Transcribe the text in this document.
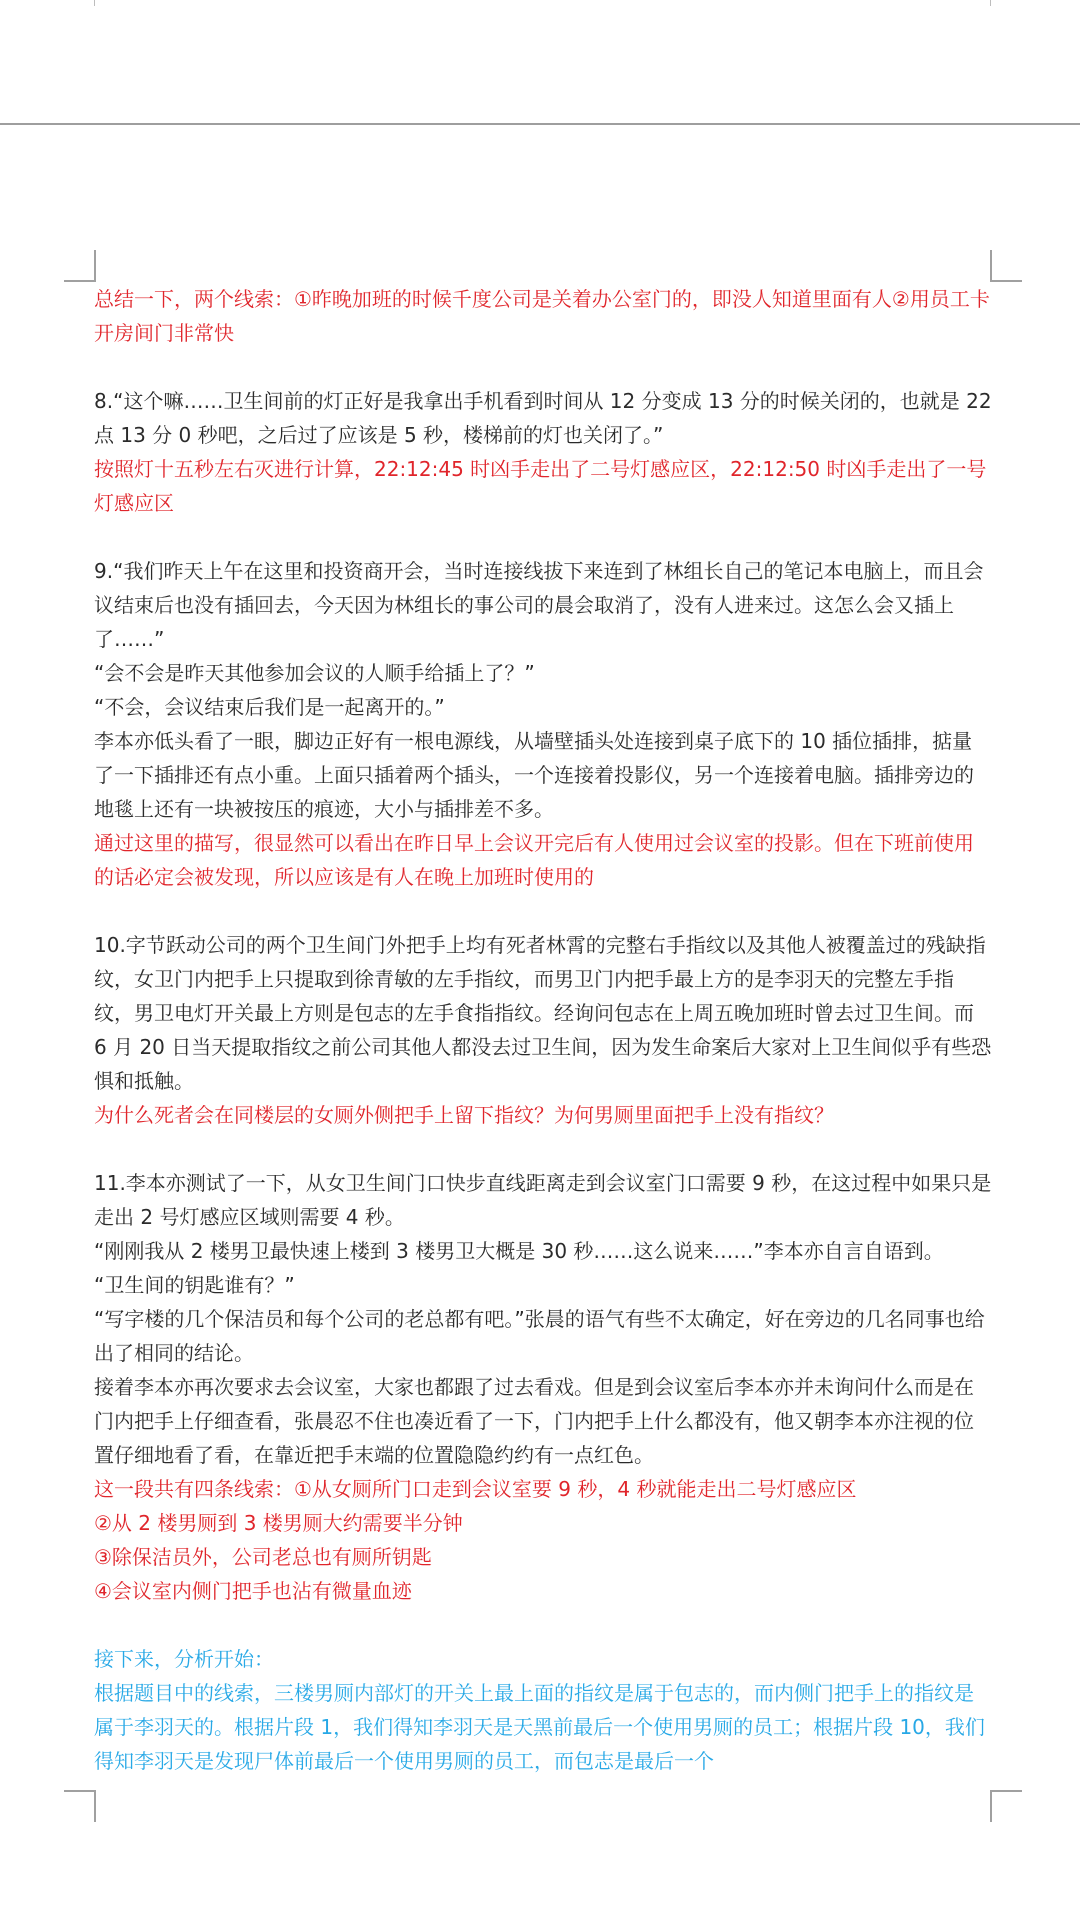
总结一下，两个线索：①昨晚加班的时候千度公司是关着办公室门的，即没人知道里面有人②用员工卡开房间门非常快

8.“这个嘛……卫生间前的灯正好是我拿出手机看到时间从 12 分变成 13 分的时候关闭的，也就是 22 点 13 分 0 秒吧，之后过了应该是 5 秒，楼梯前的灯也关闭了。”

按照灯十五秒左右灭进行计算，22:12:45 时凶手走出了二号灯感应区，22:12:50 时凶手走出了一号灯感应区

9.“我们昨天上午在这里和投资商开会，当时连接线拔下来连到了林组长自己的笔记本电脑上，而且会议结束后也没有插回去，今天因为林组长的事公司的晨会取消了，没有人进来过。这怎么会又插上了……”

“会不会是昨天其他参加会议的人顺手给插上了？”

“不会，会议结束后我们是一起离开的。”

李本亦低头看了一眼，脚边正好有一根电源线，从墙壁插头处连接到桌子底下的 10 插位插排，掂量了一下插排还有点小重。上面只插着两个插头，一个连接着投影仪，另一个连接着电脑。插排旁边的地毯上还有一块被按压的痕迹，大小与插排差不多。

通过这里的描写，很显然可以看出在昨日早上会议开完后有人使用过会议室的投影。但在下班前使用的话必定会被发现，所以应该是有人在晚上加班时使用的

10.字节跃动公司的两个卫生间门外把手上均有死者林霄的完整右手指纹以及其他人被覆盖过的残缺指纹，女卫门内把手上只提取到徐青敏的左手指纹，而男卫门内把手最上方的是李羽天的完整左手指纹，男卫电灯开关最上方则是包志的左手食指指纹。经询问包志在上周五晚加班时曾去过卫生间。而 6 月 20 日当天提取指纹之前公司其他人都没去过卫生间，因为发生命案后大家对上卫生间似乎有些恐惧和抵触。

为什么死者会在同楼层的女厕外侧把手上留下指纹？为何男厕里面把手上没有指纹？

11.李本亦测试了一下，从女卫生间门口快步直线距离走到会议室门口需要 9 秒，在这过程中如果只是走出 2 号灯感应区域则需要 4 秒。

“刚刚我从 2 楼男卫最快速上楼到 3 楼男卫大概是 30 秒……这么说来……”李本亦自言自语到。

“卫生间的钥匙谁有？”

“写字楼的几个保洁员和每个公司的老总都有吧。”张晨的语气有些不太确定，好在旁边的几名同事也给出了相同的结论。

接着李本亦再次要求去会议室，大家也都跟了过去看戏。但是到会议室后李本亦并未询问什么而是在门内把手上仔细查看，张晨忍不住也凑近看了一下，门内把手上什么都没有，他又朝李本亦注视的位置仔细地看了看，在靠近把手末端的位置隐隐约约有一点红色。

这一段共有四条线索：①从女厕所门口走到会议室要 9 秒，4 秒就能走出二号灯感应区

②从 2 楼男厕到 3 楼男厕大约需要半分钟

③除保洁员外，公司老总也有厕所钥匙

④会议室内侧门把手也沾有微量血迹

接下来，分析开始：

根据题目中的线索，三楼男厕内部灯的开关上最上面的指纹是属于包志的，而内侧门把手上的指纹是属于李羽天的。根据片段 1，我们得知李羽天是天黑前最后一个使用男厕的员工；根据片段 10，我们得知李羽天是发现尸体前最后一个使用男厕的员工，而包志是最后一个
